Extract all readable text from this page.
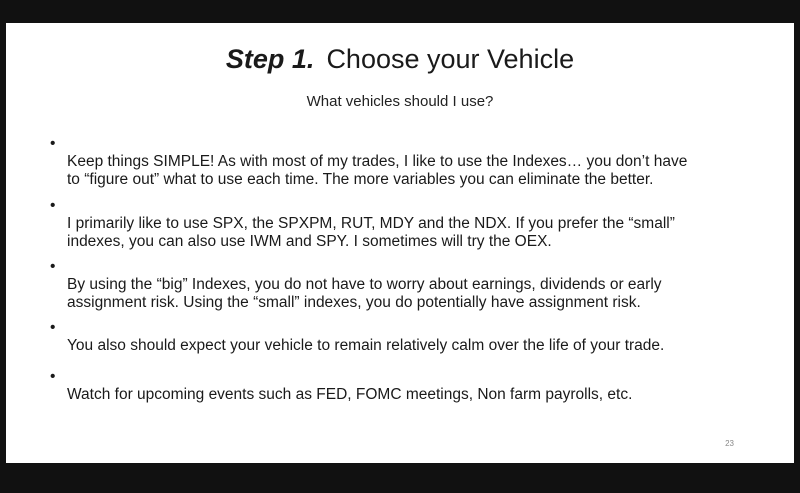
Step 1. Choose your Vehicle
What vehicles should I use?

•
Keep things SIMPLE! As with most of my trades, I like to use the Indexes… you don’t have
to “figure out” what to use each time. The more variables you can eliminate the better.

•
I primarily like to use SPX, the SPXPM, RUT, MDY and the NDX. If you prefer the “small”
indexes, you can also use IWM and SPY. I sometimes will try the OEX.

•
By using the “big” Indexes, you do not have to worry about earnings, dividends or early
assignment risk. Using the “small” indexes, you do potentially have assignment risk.

•
You also should expect your vehicle to remain relatively calm over the life of your trade.

•
Watch for upcoming events such as FED, FOMC meetings, Non farm payrolls, etc.

23
